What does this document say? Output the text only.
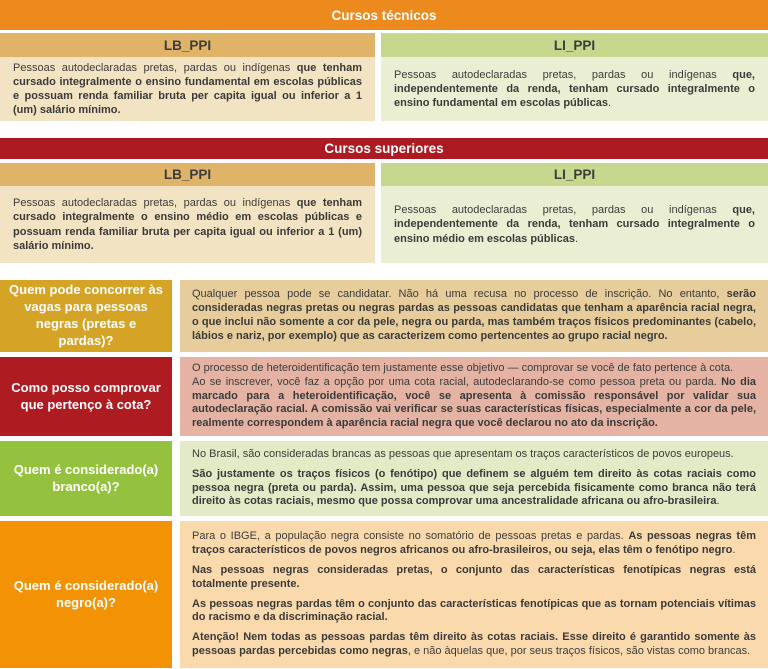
Cursos técnicos
LB_PPI	LI_PPI

Pessoas autodeclaradas pretas, pardas ou indígenas que tenham cursado integralmente o ensino fundamental em escolas públicas e possuam renda familiar bruta per capita igual ou inferior a 1 (um) salário mínimo.

Pessoas autodeclaradas pretas, pardas ou indígenas que, independentemente da renda, tenham cursado integralmente o ensino fundamental em escolas públicas.

Cursos superiores
LB_PPI	LI_PPI

Pessoas autodeclaradas pretas, pardas ou indígenas que tenham cursado integralmente o ensino médio em escolas públicas e possuam renda familiar bruta per capita igual ou inferior a 1 (um) salário mínimo.

Pessoas autodeclaradas pretas, pardas ou indígenas que, independentemente da renda, tenham cursado integralmente o ensino médio em escolas públicas.

Quem pode concorrer às vagas para pessoas negras (pretas e pardas)?

Qualquer pessoa pode se candidatar. Não há uma recusa no processo de inscrição. No entanto, serão consideradas negras pretas ou negras pardas as pessoas candidatas que tenham a aparência racial negra, o que inclui não somente a cor da pele, negra ou parda, mas também traços físicos predominantes (cabelo, lábios e nariz, por exemplo) que as caracterizem como pertencentes ao grupo racial negro.

Como posso comprovar que pertenço à cota?

O processo de heteroidentificação tem justamente esse objetivo — comprovar se você de fato pertence à cota.
Ao se inscrever, você faz a opção por uma cota racial, autodeclarando-se como pessoa preta ou parda. No dia marcado para a heteroidentificação, você se apresenta à comissão responsável por validar sua autodeclaração racial. A comissão vai verificar se suas características físicas, especialmente a cor da pele, realmente correspondem à aparência racial negra que você declarou no ato da inscrição.

Quem é considerado(a) branco(a)?

No Brasil, são consideradas brancas as pessoas que apresentam os traços característicos de povos europeus.

São justamente os traços físicos (o fenótipo) que definem se alguém tem direito às cotas raciais como pessoa negra (preta ou parda). Assim, uma pessoa que seja percebida fisicamente como branca não terá direito às cotas raciais, mesmo que possa comprovar uma ancestralidade africana ou afro-brasileira.

Quem é considerado(a) negro(a)?

Para o IBGE, a população negra consiste no somatório de pessoas pretas e pardas. As pessoas negras têm traços característicos de povos negros africanos ou afro-brasileiros, ou seja, elas têm o fenótipo negro.

Nas pessoas negras consideradas pretas, o conjunto das características fenotípicas negras está totalmente presente.

As pessoas negras pardas têm o conjunto das características fenotípicas que as tornam potenciais vítimas do racismo e da discriminação racial.

Atenção! Nem todas as pessoas pardas têm direito às cotas raciais. Esse direito é garantido somente às pessoas pardas percebidas como negras, e não àquelas que, por seus traços físicos, são vistas como brancas.
